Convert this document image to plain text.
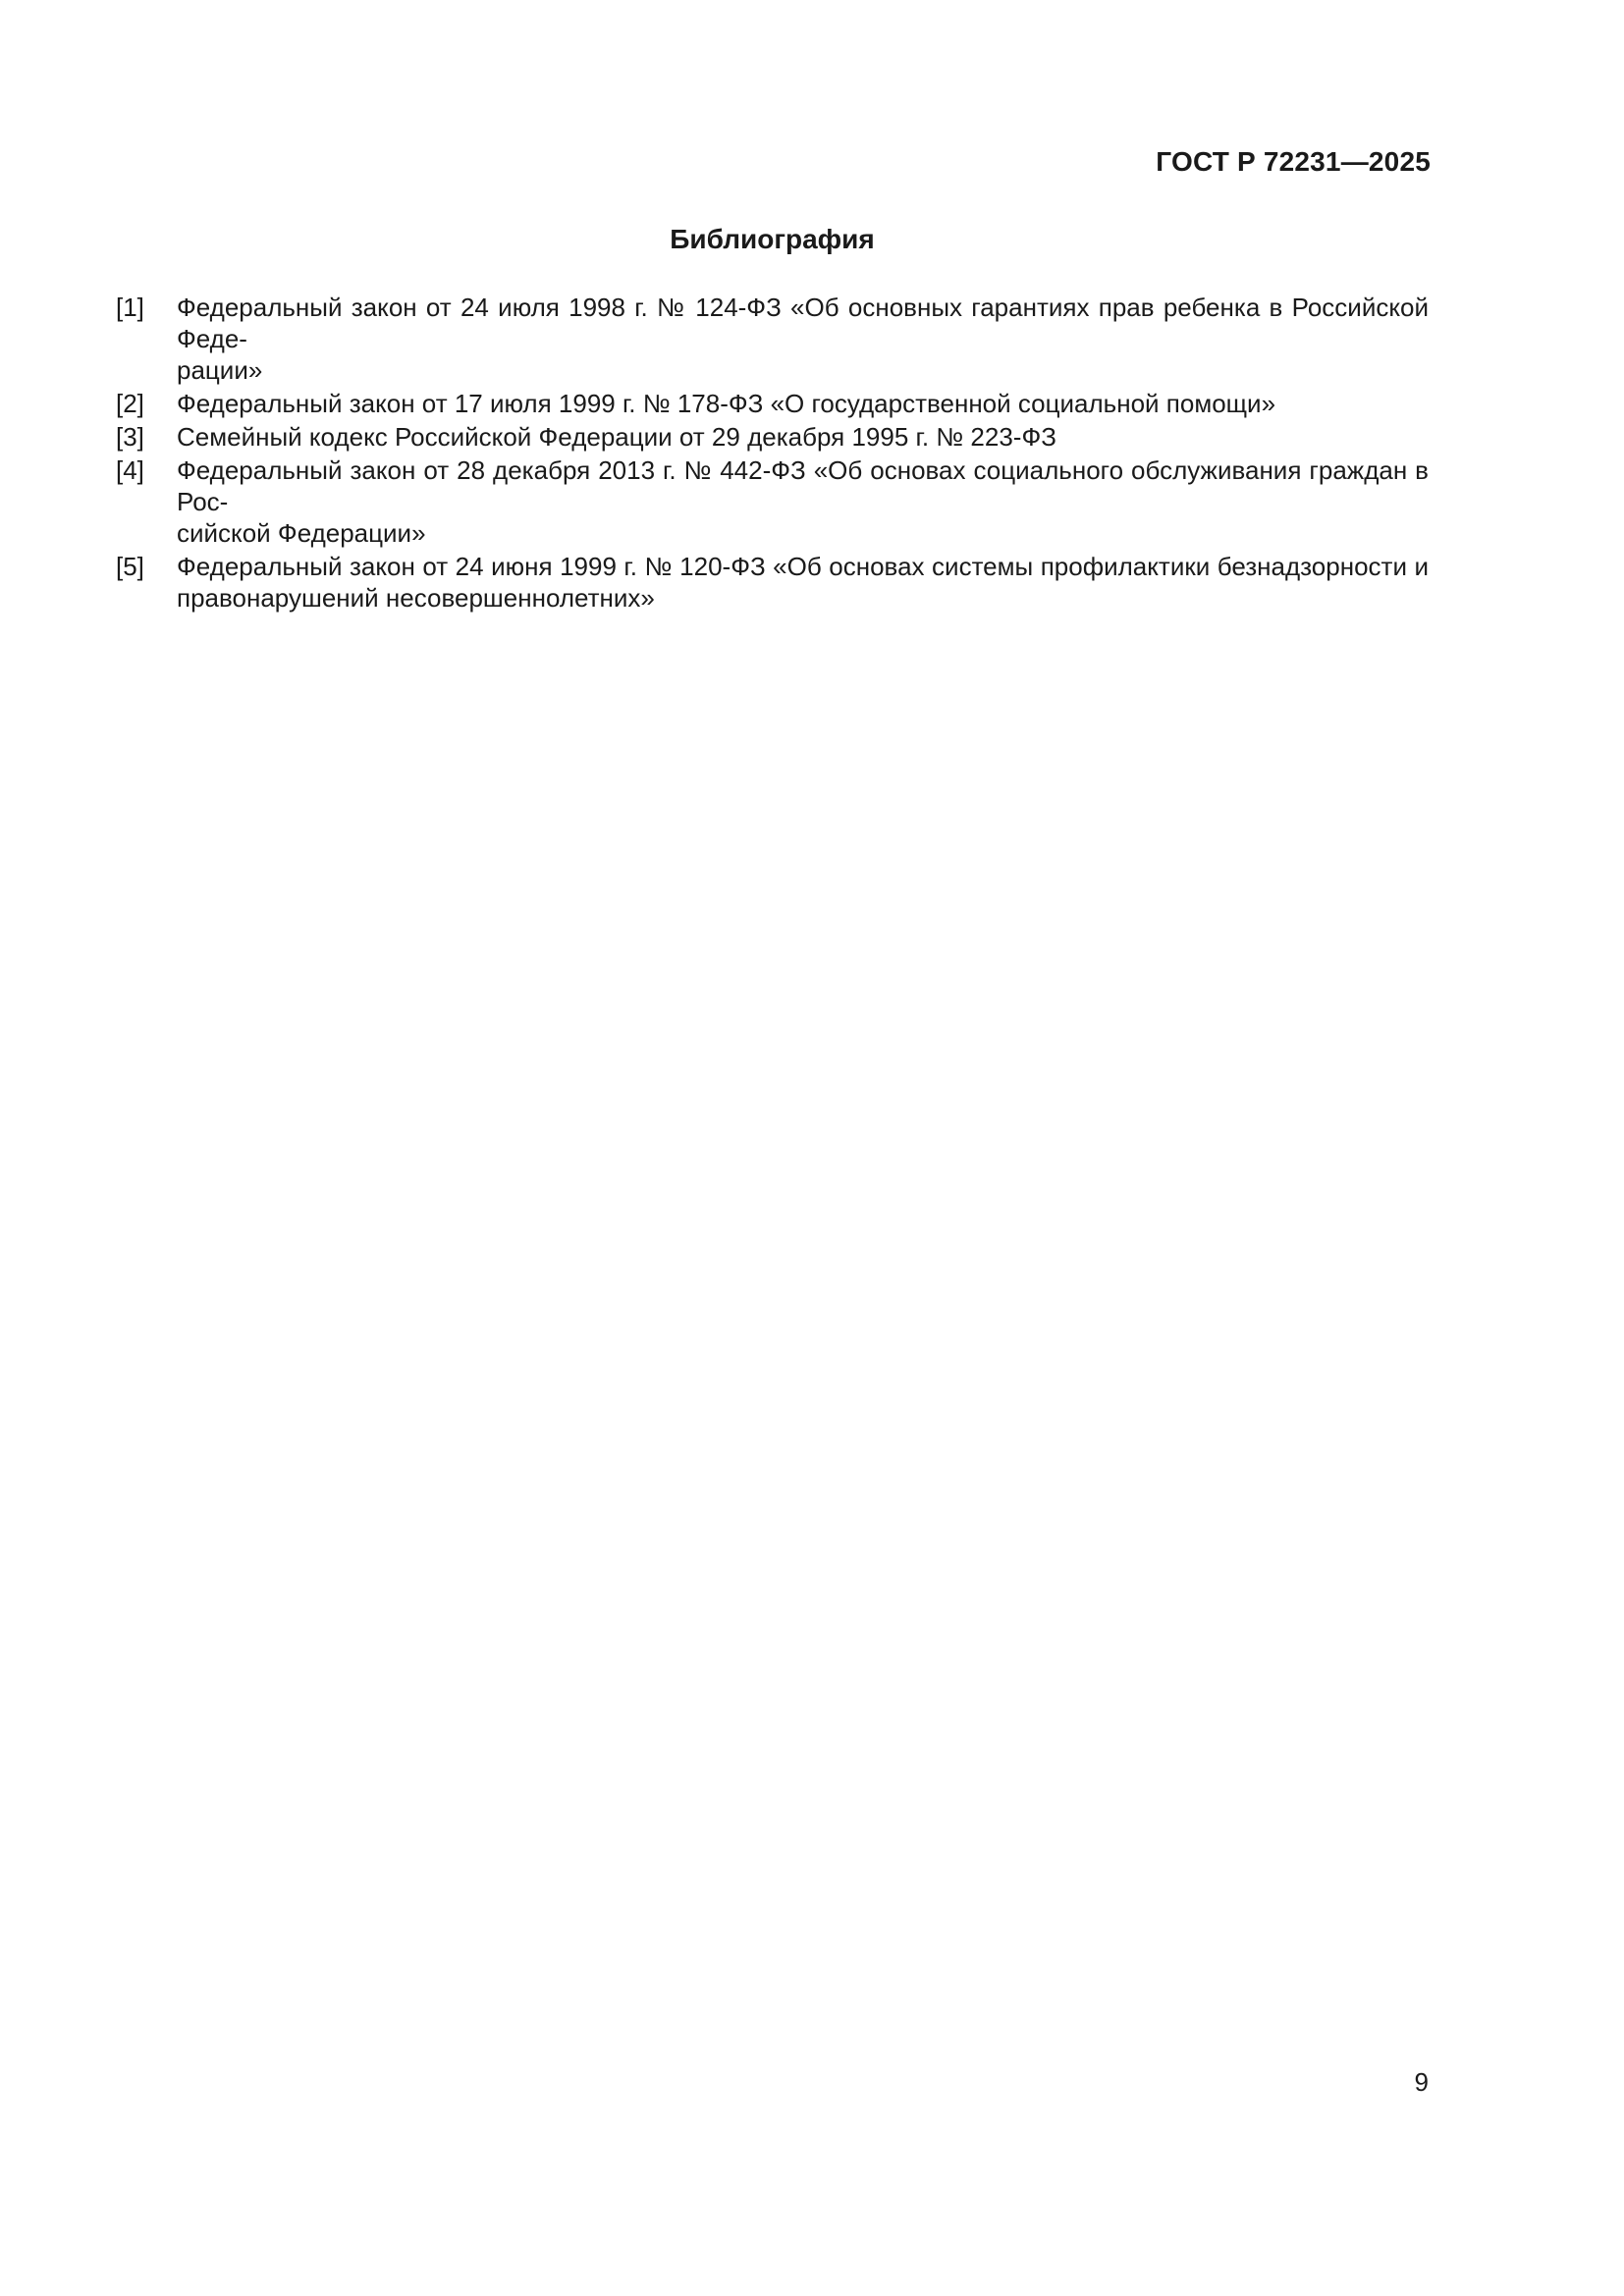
ГОСТ Р 72231—2025
Библиография
[1]	Федеральный закон от 24 июля 1998 г. № 124-ФЗ «Об основных гарантиях прав ребенка в Российской Феде-
рации»
[2]	Федеральный закон от 17 июля 1999 г. № 178-ФЗ «О государственной социальной помощи»
[3]	Семейный кодекс Российской Федерации от 29 декабря 1995 г. № 223-ФЗ
[4]	Федеральный закон от 28 декабря 2013 г. № 442-ФЗ «Об основах социального обслуживания граждан в Рос-
сийской Федерации»
[5]	Федеральный закон от 24 июня 1999 г. № 120-ФЗ «Об основах системы профилактики безнадзорности и
правонарушений несовершеннолетних»
9
